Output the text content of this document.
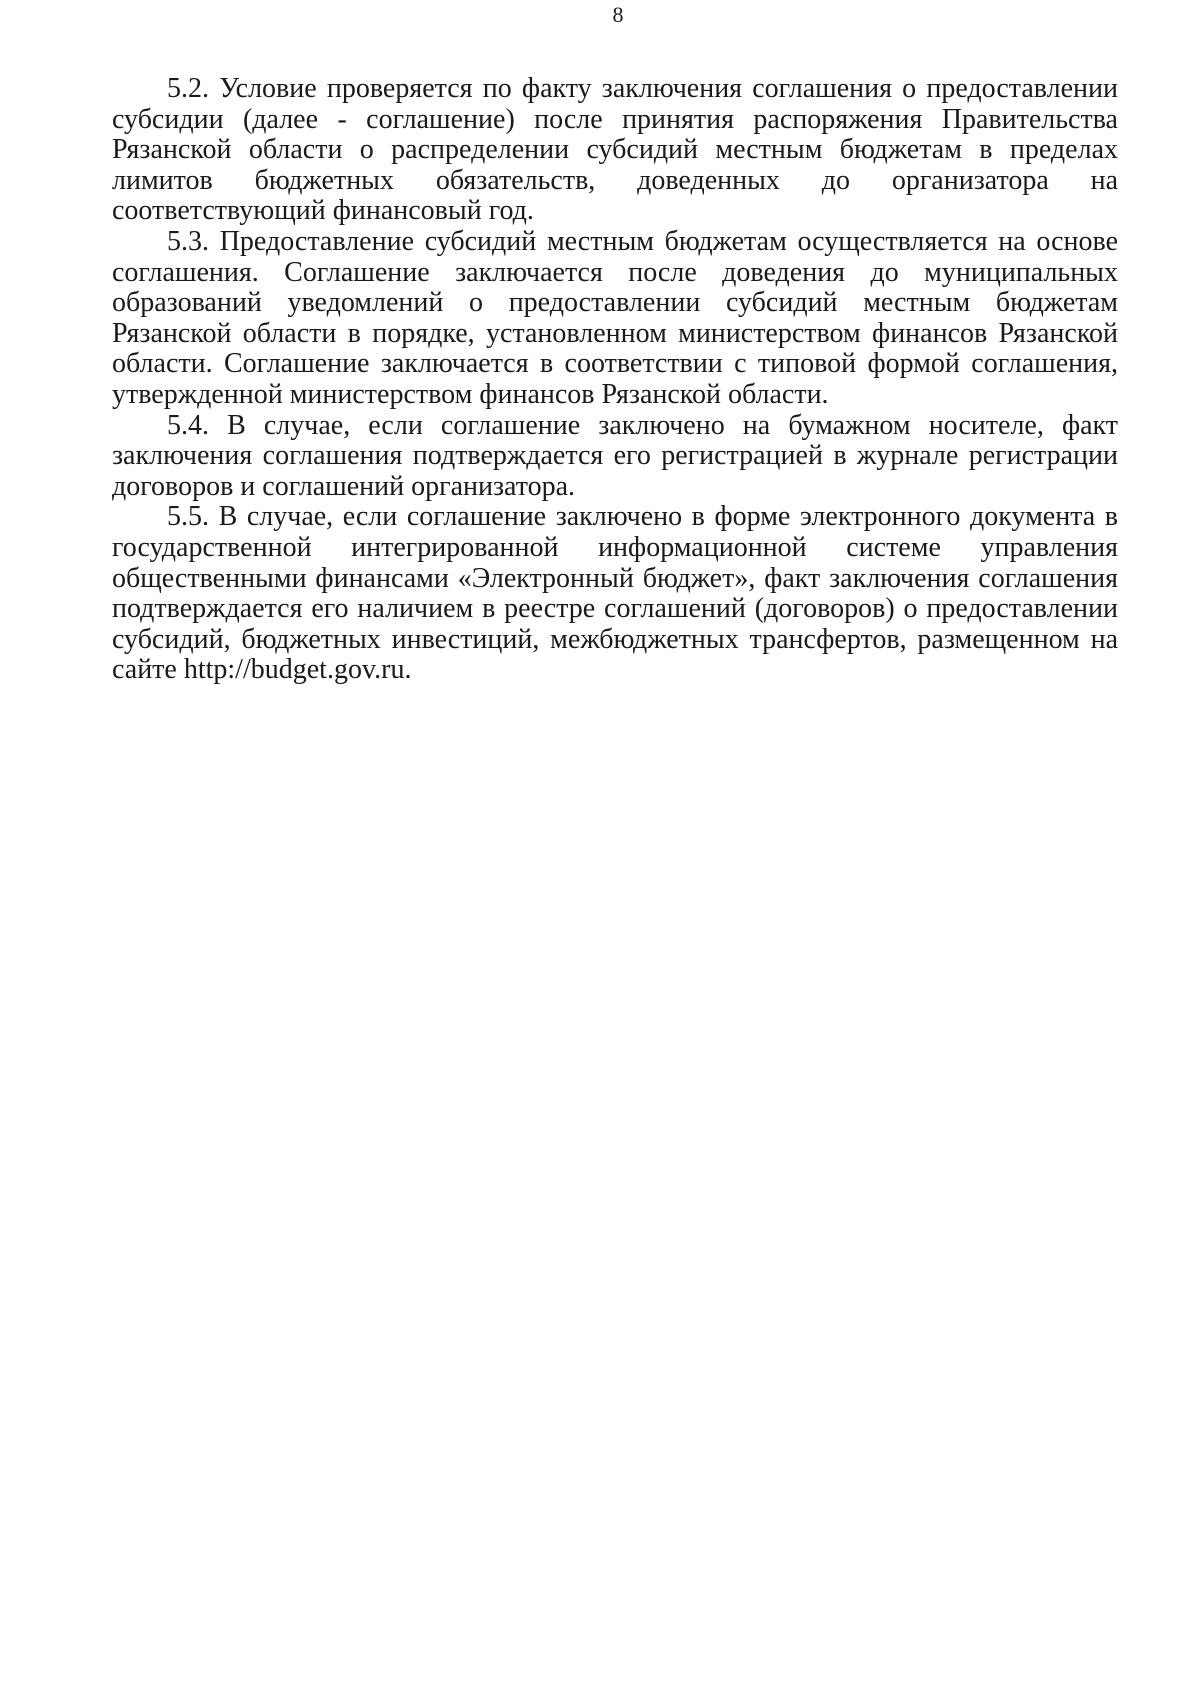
8

5.2. Условие проверяется по факту заключения соглашения о предоставлении субсидии (далее - соглашение) после принятия распоряжения Правительства Рязанской области о распределении субсидий местным бюджетам в пределах лимитов бюджетных обязательств, доведенных до организатора на соответствующий финансовый год.

5.3. Предоставление субсидий местным бюджетам осуществляется на основе соглашения. Соглашение заключается после доведения до муниципальных образований уведомлений о предоставлении субсидий местным бюджетам Рязанской области в порядке, установленном министерством финансов Рязанской области. Соглашение заключается в соответствии с типовой формой соглашения, утвержденной министерством финансов Рязанской области.

5.4. В случае, если соглашение заключено на бумажном носителе, факт заключения соглашения подтверждается его регистрацией в журнале регистрации договоров и соглашений организатора.

5.5. В случае, если соглашение заключено в форме электронного документа в государственной интегрированной информационной системе управления общественными финансами «Электронный бюджет», факт заключения соглашения подтверждается его наличием в реестре соглашений (договоров) о предоставлении субсидий, бюджетных инвестиций, межбюджетных трансфертов, размещенном на сайте http://budget.gov.ru.
